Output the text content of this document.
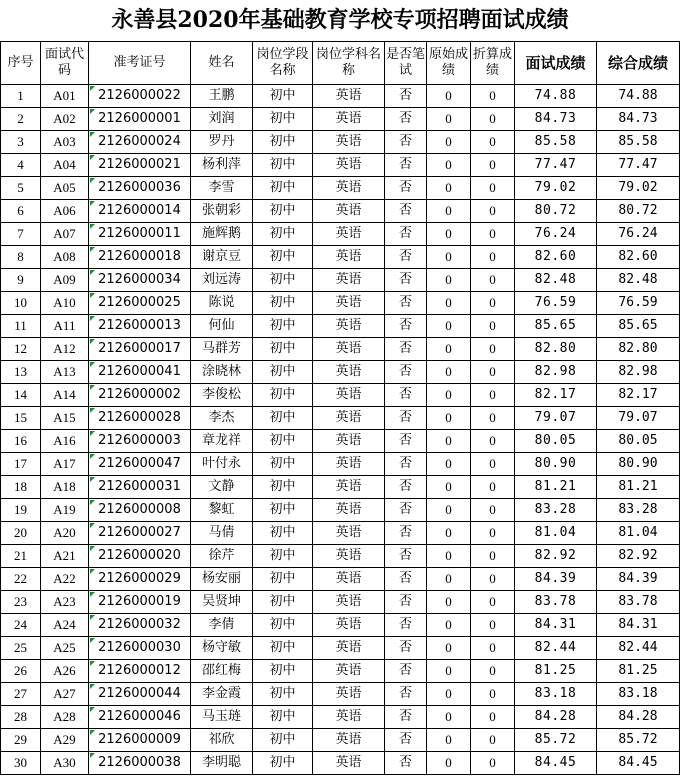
永善县2020年基础教育学校专项招聘面试成绩
序号	面试代码	准考证号	姓名	岗位学段名称	岗位学科名称	是否笔试	原始成绩	折算成绩	面试成绩	综合成绩
1	A01	2126000022	王鹏	初中	英语	否	0	0	74.88	74.88
2	A02	2126000001	刘润	初中	英语	否	0	0	84.73	84.73
3	A03	2126000024	罗丹	初中	英语	否	0	0	85.58	85.58
4	A04	2126000021	杨利萍	初中	英语	否	0	0	77.47	77.47
5	A05	2126000036	李雪	初中	英语	否	0	0	79.02	79.02
6	A06	2126000014	张朝彩	初中	英语	否	0	0	80.72	80.72
7	A07	2126000011	施辉鹅	初中	英语	否	0	0	76.24	76.24
8	A08	2126000018	谢京豆	初中	英语	否	0	0	82.60	82.60
9	A09	2126000034	刘远涛	初中	英语	否	0	0	82.48	82.48
10	A10	2126000025	陈说	初中	英语	否	0	0	76.59	76.59
11	A11	2126000013	何仙	初中	英语	否	0	0	85.65	85.65
12	A12	2126000017	马群芳	初中	英语	否	0	0	82.80	82.80
13	A13	2126000041	涂晓林	初中	英语	否	0	0	82.98	82.98
14	A14	2126000002	李俊松	初中	英语	否	0	0	82.17	82.17
15	A15	2126000028	李杰	初中	英语	否	0	0	79.07	79.07
16	A16	2126000003	章龙祥	初中	英语	否	0	0	80.05	80.05
17	A17	2126000047	叶付永	初中	英语	否	0	0	80.90	80.90
18	A18	2126000031	文静	初中	英语	否	0	0	81.21	81.21
19	A19	2126000008	黎虹	初中	英语	否	0	0	83.28	83.28
20	A20	2126000027	马倩	初中	英语	否	0	0	81.04	81.04
21	A21	2126000020	徐芹	初中	英语	否	0	0	82.92	82.92
22	A22	2126000029	杨安丽	初中	英语	否	0	0	84.39	84.39
23	A23	2126000019	吴贤坤	初中	英语	否	0	0	83.78	83.78
24	A24	2126000032	李倩	初中	英语	否	0	0	84.31	84.31
25	A25	2126000030	杨守敏	初中	英语	否	0	0	82.44	82.44
26	A26	2126000012	邵红梅	初中	英语	否	0	0	81.25	81.25
27	A27	2126000044	李金霞	初中	英语	否	0	0	83.18	83.18
28	A28	2126000046	马玉琏	初中	英语	否	0	0	84.28	84.28
29	A29	2126000009	祁欣	初中	英语	否	0	0	85.72	85.72
30	A30	2126000038	李明聪	初中	英语	否	0	0	84.45	84.45
